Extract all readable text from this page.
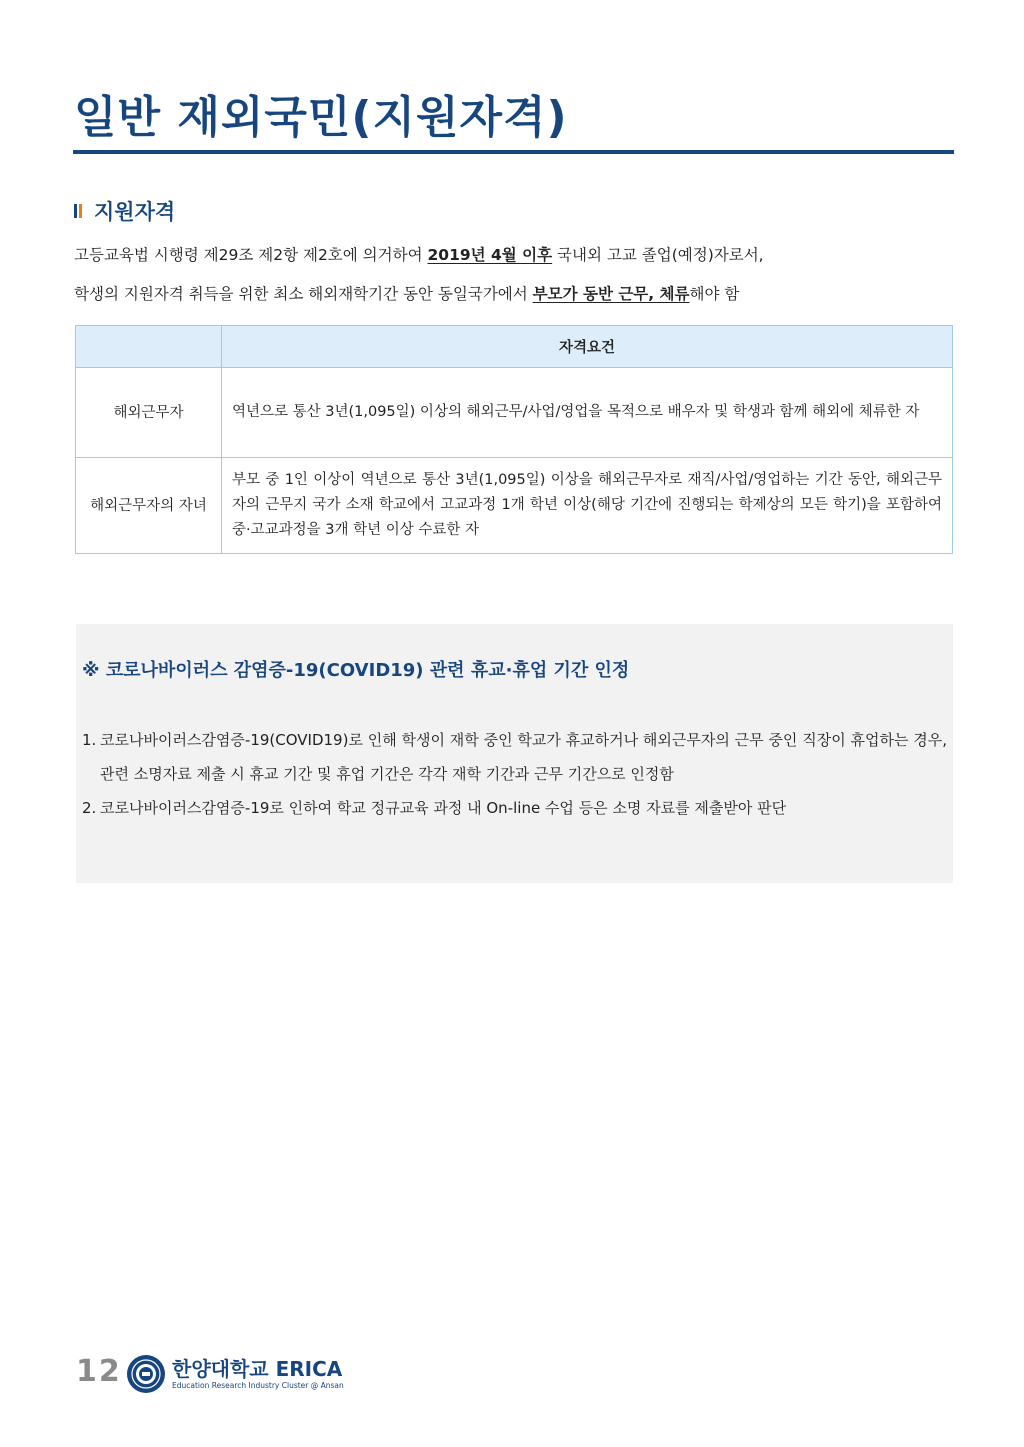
일반 재외국민(지원자격)
지원자격
고등교육법 시행령 제29조 제2항 제2호에 의거하여 2019년 4월 이후 국내외 고교 졸업(예정)자로서,
학생의 지원자격 취득을 위한 최소 해외재학기간 동안 동일국가에서 부모가 동반 근무, 체류해야 함
	자격요건
해외근무자	역년으로 통산 3년(1,095일) 이상의 해외근무/사업/영업을 목적으로 배우자 및 학생과 함께 해외에 체류한 자
해외근무자의 자녀	부모 중 1인 이상이 역년으로 통산 3년(1,095일) 이상을 해외근무자로 재직/사업/영업하는 기간 동안, 해외근무자의 근무지 국가 소재 학교에서 고교과정 1개 학년 이상(해당 기간에 진행되는 학제상의 모든 학기)을 포함하여 중·고교과정을 3개 학년 이상 수료한 자
※ 코로나바이러스 감염증-19(COVID19) 관련 휴교·휴업 기간 인정
1. 코로나바이러스감염증-19(COVID19)로 인해 학생이 재학 중인 학교가 휴교하거나 해외근무자의 근무 중인 직장이 휴업하는 경우, 관련 소명자료 제출 시 휴교 기간 및 휴업 기간은 각각 재학 기간과 근무 기간으로 인정함
2. 코로나바이러스감염증-19로 인하여 학교 정규교육 과정 내 On-line 수업 등은 소명 자료를 제출받아 판단
12	한양대학교 ERICA
Education Research Industry Cluster @ Ansan
